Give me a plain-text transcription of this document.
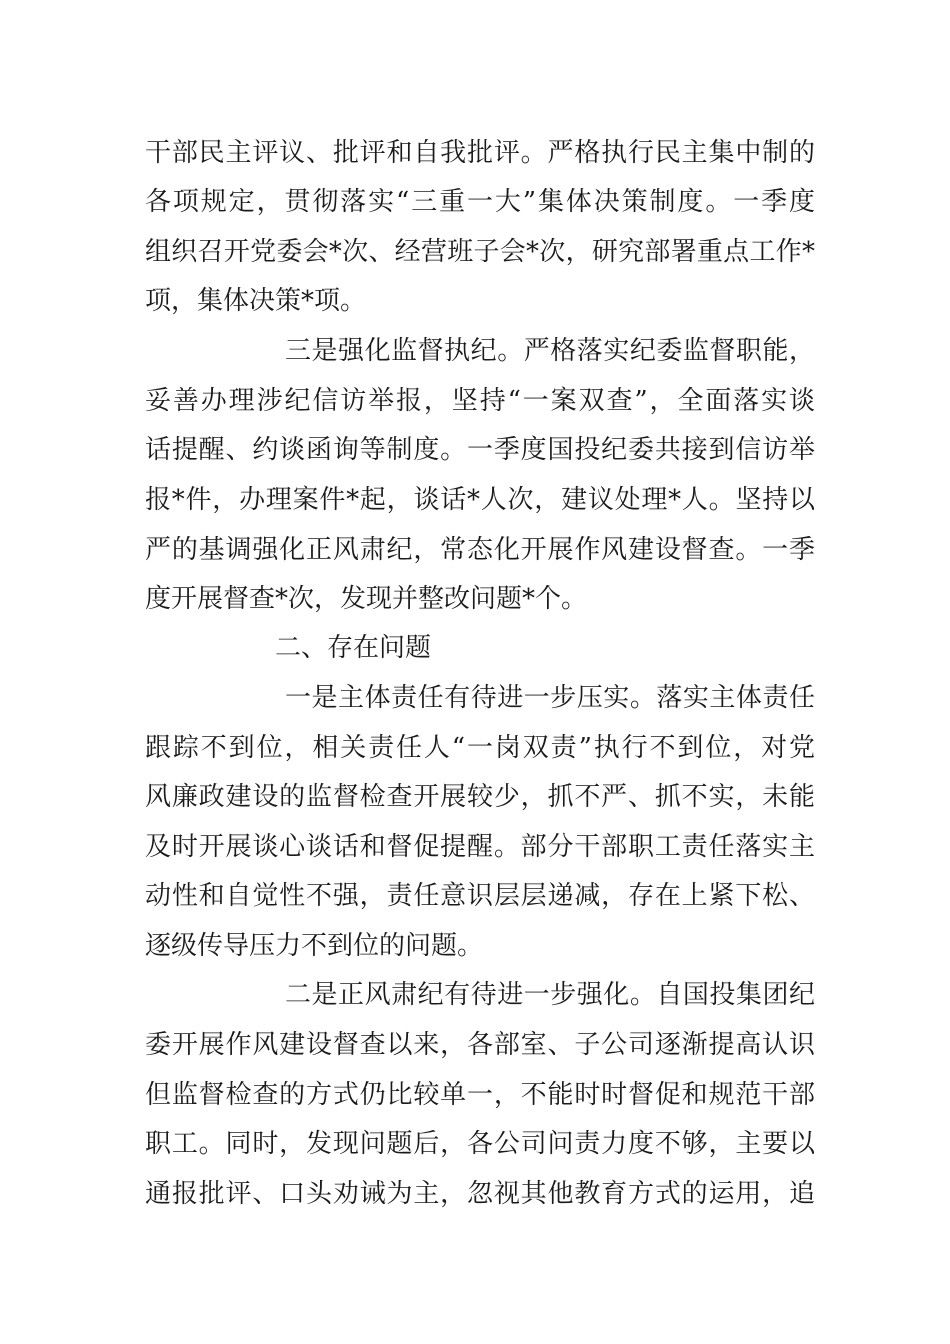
干部民主评议、批评和自我批评。严格执行民主集中制的
各项规定，贯彻落实“三重一大”集体决策制度。一季度
组织召开党委会*次、经营班子会*次，研究部署重点工作*
项，集体决策*项。
三是强化监督执纪。严格落实纪委监督职能，
妥善办理涉纪信访举报，坚持“一案双查”，全面落实谈
话提醒、约谈函询等制度。一季度国投纪委共接到信访举
报*件，办理案件*起，谈话*人次，建议处理*人。坚持以
严的基调强化正风肃纪，常态化开展作风建设督查。一季
度开展督查*次，发现并整改问题*个。
二、存在问题
一是主体责任有待进一步压实。落实主体责任
跟踪不到位，相关责任人“一岗双责”执行不到位，对党
风廉政建设的监督检查开展较少，抓不严、抓不实，未能
及时开展谈心谈话和督促提醒。部分干部职工责任落实主
动性和自觉性不强，责任意识层层递减，存在上紧下松、
逐级传导压力不到位的问题。
二是正风肃纪有待进一步强化。自国投集团纪
委开展作风建设督查以来，各部室、子公司逐渐提高认识
但监督检查的方式仍比较单一，不能时时督促和规范干部
职工。同时，发现问题后，各公司问责力度不够，主要以
通报批评、口头劝诫为主，忽视其他教育方式的运用，追
